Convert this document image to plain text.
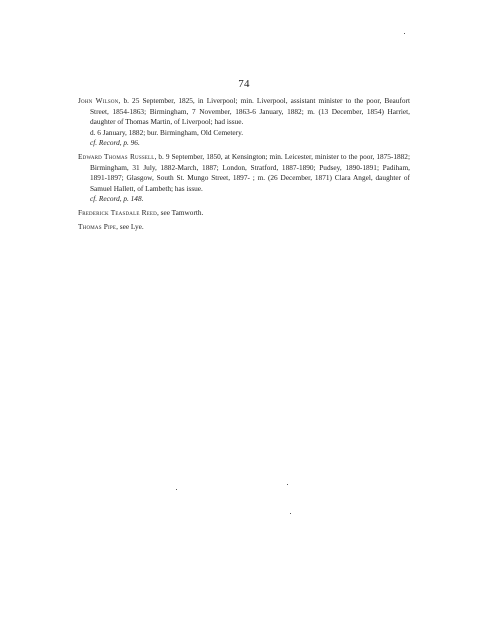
74
John Wilson, b. 25 September, 1825, in Liverpool; min. Liverpool, assistant minister to the poor, Beaufort Street, 1854-1863; Birmingham, 7 November, 1863-6 January, 1882; m. (13 December, 1854) Harriet, daughter of Thomas Martin, of Liverpool; had issue.
d. 6 January, 1882; bur. Birmingham, Old Cemetery.
cf. Record, p. 96.
Edward Thomas Russell, b. 9 September, 1850, at Kensington; min. Leicester, minister to the poor, 1875-1882; Birmingham, 31 July, 1882-March, 1887; London, Stratford, 1887-1890; Pudsey, 1890-1891; Padiham, 1891-1897; Glasgow, South St. Mungo Street, 1897- ; m. (26 December, 1871) Clara Angel, daughter of Samuel Hallett, of Lambeth; has issue.
cf. Record, p. 148.
Frederick Teasdale Reed, see Tamworth.
Thomas Pipe, see Lye.
